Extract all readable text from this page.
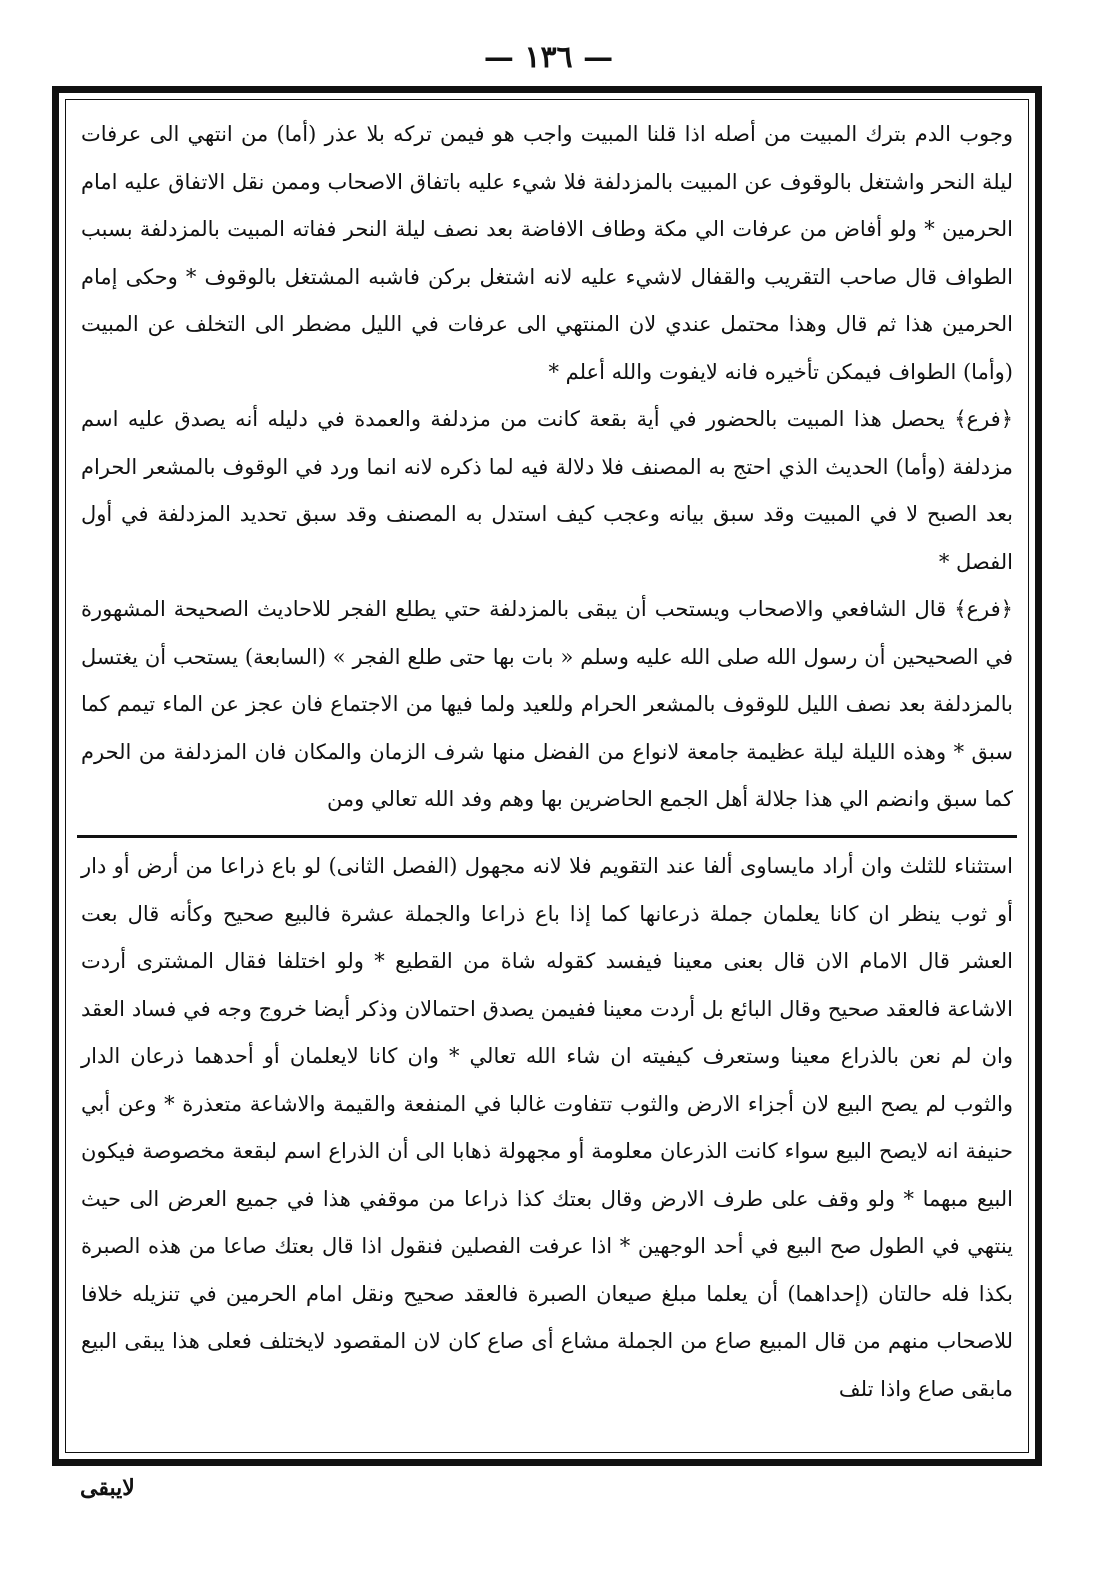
— ١٣٦ —

وجوب الدم بترك المبيت من أصله اذا قلنا المبيت واجب هو فيمن تركه بلا عذر (أما) من انتهي الى عرفات ليلة النحر واشتغل بالوقوف عن المبيت بالمزدلفة فلا شيء عليه باتفاق الاصحاب وممن نقل الاتفاق عليه امام الحرمين * ولو أفاض من عرفات الي مكة وطاف الافاضة بعد نصف ليلة النحر ففاته المبيت بالمزدلفة بسبب الطواف قال صاحب التقريب والقفال لاشيء عليه لانه اشتغل بركن فاشبه المشتغل بالوقوف * وحكى إمام الحرمين هذا ثم قال وهذا محتمل عندي لان المنتهي الى عرفات في الليل مضطر الى التخلف عن المبيت (وأما) الطواف فيمكن تأخيره فانه لايفوت والله أعلم *

﴿فرع﴾ يحصل هذا المبيت بالحضور في أية بقعة كانت من مزدلفة والعمدة في دليله أنه يصدق عليه اسم مزدلفة (وأما) الحديث الذي احتج به المصنف فلا دلالة فيه لما ذكره لانه انما ورد في الوقوف بالمشعر الحرام بعد الصبح لا في المبيت وقد سبق بيانه وعجب كيف استدل به المصنف وقد سبق تحديد المزدلفة في أول الفصل *

﴿فرع﴾ قال الشافعي والاصحاب ويستحب أن يبقى بالمزدلفة حتي يطلع الفجر للاحاديث الصحيحة المشهورة في الصحيحين أن رسول الله صلى الله عليه وسلم « بات بها حتى طلع الفجر » (السابعة) يستحب أن يغتسل بالمزدلفة بعد نصف الليل للوقوف بالمشعر الحرام وللعيد ولما فيها من الاجتماع فان عجز عن الماء تيمم كما سبق * وهذه الليلة ليلة عظيمة جامعة لانواع من الفضل منها شرف الزمان والمكان فان المزدلفة من الحرم كما سبق وانضم الي هذا جلالة أهل الجمع الحاضرين بها وهم وفد الله تعالي ومن

استثناء للثلث وان أراد مايساوى ألفا عند التقويم فلا لانه مجهول (الفصل الثانى) لو باع ذراعا من أرض أو دار أو ثوب ينظر ان كانا يعلمان جملة ذرعانها كما إذا باع ذراعا والجملة عشرة فالبيع صحيح وكأنه قال بعت العشر قال الامام الان قال بعنى معينا فيفسد كقوله شاة من القطيع * ولو اختلفا فقال المشترى أردت الاشاعة فالعقد صحيح وقال البائع بل أردت معينا ففيمن يصدق احتمالان وذكر أيضا خروج وجه في فساد العقد وان لم نعن بالذراع معينا وستعرف كيفيته ان شاء الله تعالي * وان كانا لايعلمان أو أحدهما ذرعان الدار والثوب لم يصح البيع لان أجزاء الارض والثوب تتفاوت غالبا في المنفعة والقيمة والاشاعة متعذرة * وعن أبي حنيفة انه لايصح البيع سواء كانت الذرعان معلومة أو مجهولة ذهابا الى أن الذراع اسم لبقعة مخصوصة فيكون البيع مبهما * ولو وقف على طرف الارض وقال بعتك كذا ذراعا من موقفي هذا في جميع العرض الى حيث ينتهي في الطول صح البيع في أحد الوجهين * اذا عرفت الفصلين فنقول اذا قال بعتك صاعا من هذه الصبرة بكذا فله حالتان (إحداهما) أن يعلما مبلغ صيعان الصبرة فالعقد صحيح ونقل امام الحرمين في تنزيله خلافا للاصحاب منهم من قال المبيع صاع من الجملة مشاع أى صاع كان لان المقصود لايختلف فعلى هذا يبقى البيع مابقى صاع واذا تلف

لايبقى
